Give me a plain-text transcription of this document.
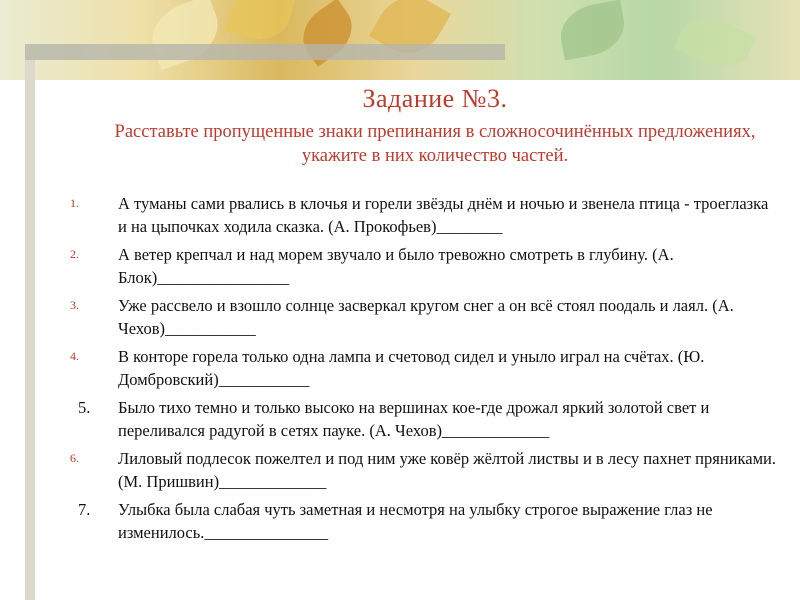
Задание №3.
Расставьте пропущенные знаки препинания в сложносочинённых предложениях, укажите в них количество частей.
1.	А туманы сами рвались в клочья и горели звёзды днём и ночью и звенела птица - троеглазка и на цыпочках ходила сказка. (А. Прокофьев)________
2.	А ветер крепчал и над морем звучало и было тревожно смотреть в глубину. (А. Блок)________________
3.	Уже рассвело и взошло солнце засверкал кругом снег а он всё стоял поодаль и лаял. (А. Чехов)___________
4.	В конторе горела только одна лампа и счетовод сидел и уныло играл на счётах. (Ю. Домбровский)___________
5.	Было тихо темно и только высоко на вершинах кое-где дрожал яркий золотой свет и переливался радугой в сетях пауке. (А. Чехов)_____________
6.	Лиловый подлесок пожелтел и под ним уже ковёр жёлтой листвы и в лесу пахнет пряниками. (М. Пришвин)_____________
7.	Улыбка была слабая чуть заметная и несмотря на улыбку строгое выражение глаз не изменилось._______________
